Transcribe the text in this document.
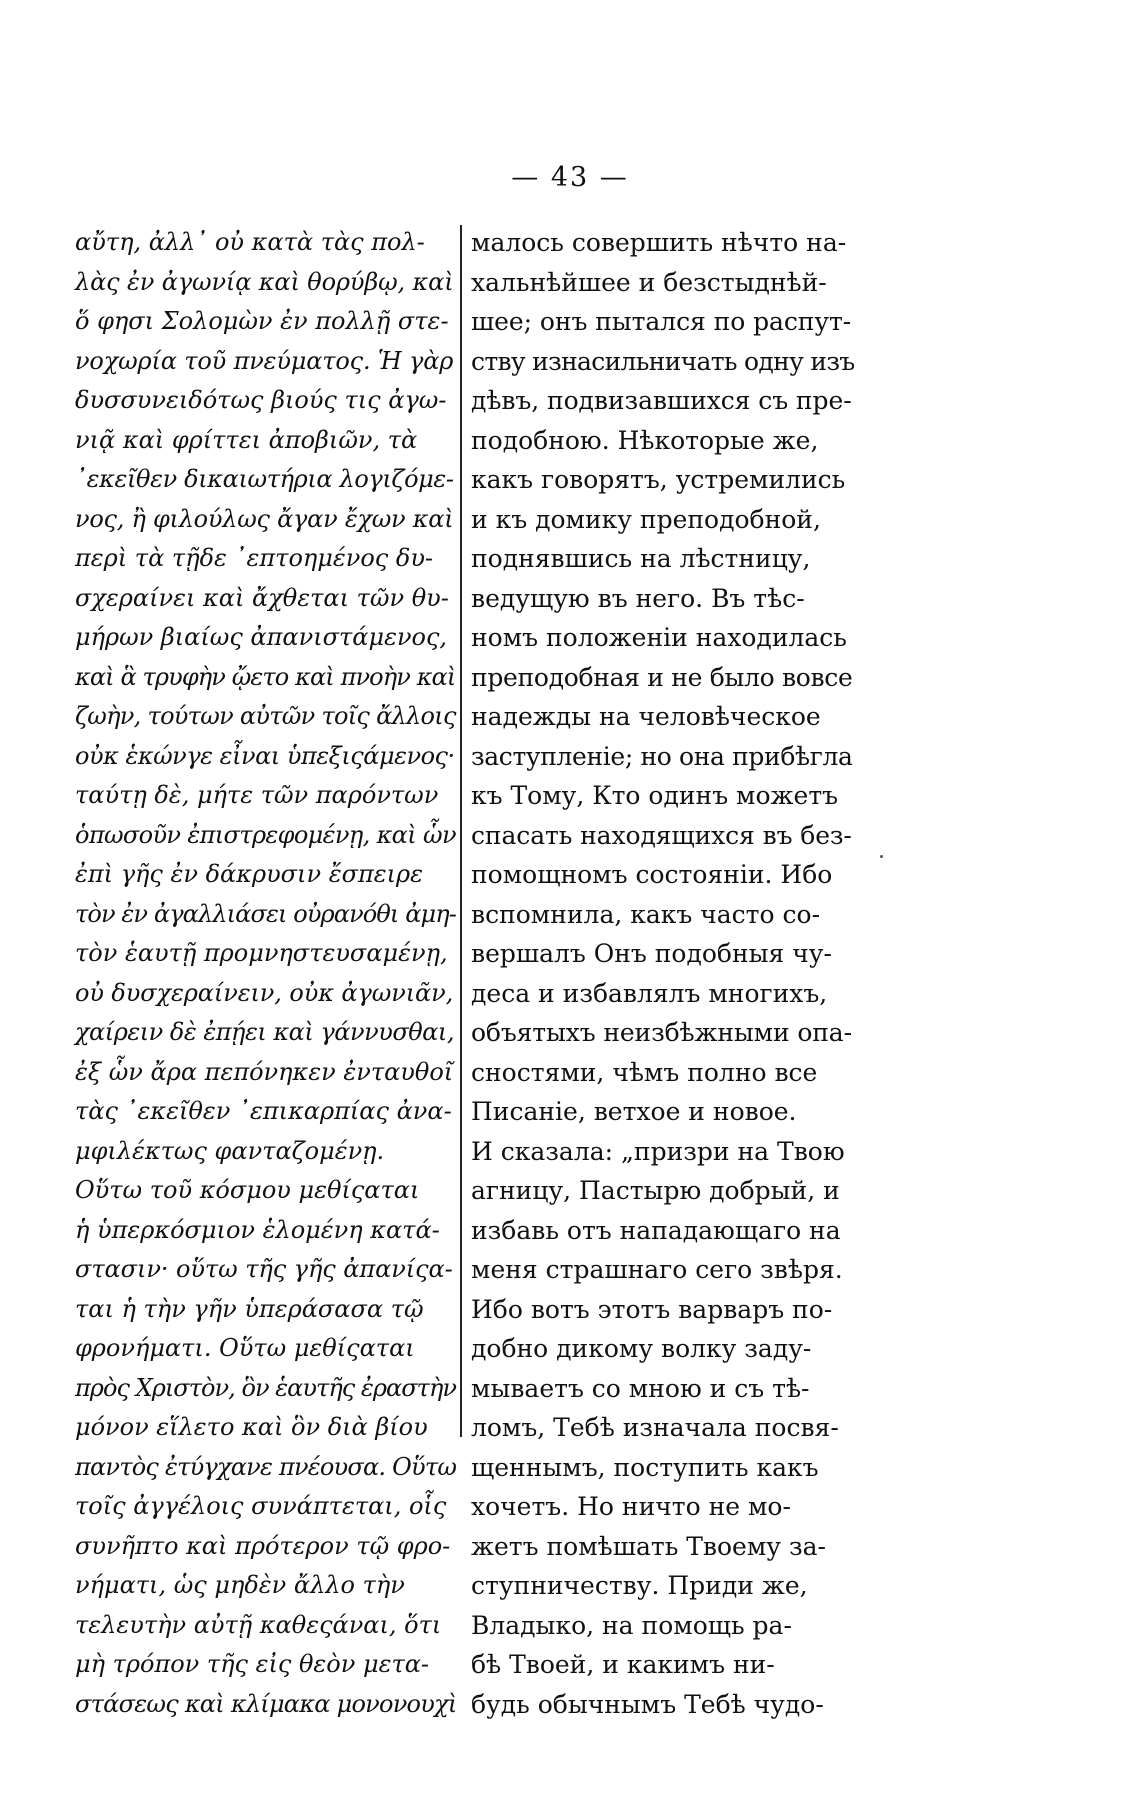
— 43 —
αὔτη, ἀλλ᾽ οὐ κατὰ τὰς πολ-
λὰς ἐν ἀγωνίᾳ καὶ θορύβῳ, καὶ
ὅ φησι Σολομὼν ἐν πολλῇ στε-
νοχωρία τοῦ πνεύματος. Ἡ γὰρ
δυσσυνειδότως βιούς τις ἀγω-
νιᾷ καὶ φρίττει ἀποβιῶν, τὰ
᾽εκεῖθεν δικαιωτήρια λογιζόμε-
νος, ἢ φιλούλως ἄγαν ἔχων καὶ
περὶ τὰ τῇδε ᾽επτοημένος δυ-
σχεραίνει καὶ ἄχθεται τῶν θυ-
μήρων βιαίως ἀπανιστάμενος,
καὶ ἃ τρυφὴν ᾤετο καὶ πνοὴν καὶ
ζωὴν, τούτων αὐτῶν τοῖς ἄλλοις
οὐκ ἑκώνγε εἶναι ὑπεξιςάμενος·
ταύτῃ δὲ, μήτε τῶν παρόντων
ὁπωσοῦν ἐπιστρεφομένῃ, καὶ ὧν
ἐπὶ γῆς ἐν δάκρυσιν ἔσπειρε
τὸν ἐν ἀγαλλιάσει οὐρανόθι ἀμη-
τὸν ἑαυτῇ προμνηστευσαμένῃ,
οὐ δυσχεραίνειν, οὐκ ἀγωνιᾶν,
χαίρειν δὲ ἐπῄει καὶ γάννυσθαι,
ἐξ ὧν ἄρα πεπόνηκεν ἐνταυθοῖ
τὰς ᾽εκεῖθεν ᾽επικαρπίας ἀνα-
μφιλέκτως φανταζομένῃ.
Οὕτω τοῦ κόσμου μεθίςαται
ἡ ὑπερκόσμιον ἑλομένη κατά-
στασιν· οὕτω τῆς γῆς ἀπανίςα-
ται ἡ τὴν γῆν ὑπεράσασα τῷ
φρονήματι. Οὕτω μεθίςαται
πρὸς Χριστὸν, ὃν ἑαυτῆς ἐραστὴν
μόνον εἵλετο καὶ ὃν διὰ βίου
παντὸς ἐτύγχανε πνέουσα. Οὕτω
τοῖς ἀγγέλοις συνάπτεται, οἷς
συνῆπτο καὶ πρότερον τῷ φρο-
νήματι, ὡς μηδὲν ἄλλο τὴν
τελευτὴν αὐτῇ καθεςάναι, ὅτι
μὴ τρόπον τῆς εἰς θεὸν μετα-
στάσεως καὶ κλίμακα μονονουχὶ
малось совершить нѣчто на-
хальнѣйшее и безстыднѣй-
шее; онъ пытался по распут-
ству изнасильничать одну изъ
дѣвъ, подвизавшихся съ пре-
подобною. Нѣкоторые же,
какъ говорятъ, устремились
и къ домику преподобной,
поднявшись на лѣстницу,
ведущую въ него. Въ тѣс-
номъ положеніи находилась
преподобная и не было вовсе
надежды на человѣческое
заступленіе; но она прибѣгла
къ Тому, Кто одинъ можетъ
спасать находящихся въ без-
помощномъ состояніи. Ибо
вспомнила, какъ часто со-
вершалъ Онъ подобныя чу-
деса и избавлялъ многихъ,
объятыхъ неизбѣжными опа-
сностями, чѣмъ полно все
Писаніе, ветхое и новое.
И сказала: „призри на Твою
агницу, Пастырю добрый, и
избавь отъ нападающаго на
меня страшнаго сего звѣря.
Ибо вотъ этотъ варваръ по-
добно дикому волку заду-
мываетъ со мною и съ тѣ-
ломъ, Тебѣ изначала посвя-
щеннымъ, поступить какъ
хочетъ. Но ничто не мо-
жетъ помѣшать Твоему за-
ступничеству. Приди же,
Владыко, на помощь ра-
бѣ Твоей, и какимъ ни-
будь обычнымъ Тебѣ чудо-
